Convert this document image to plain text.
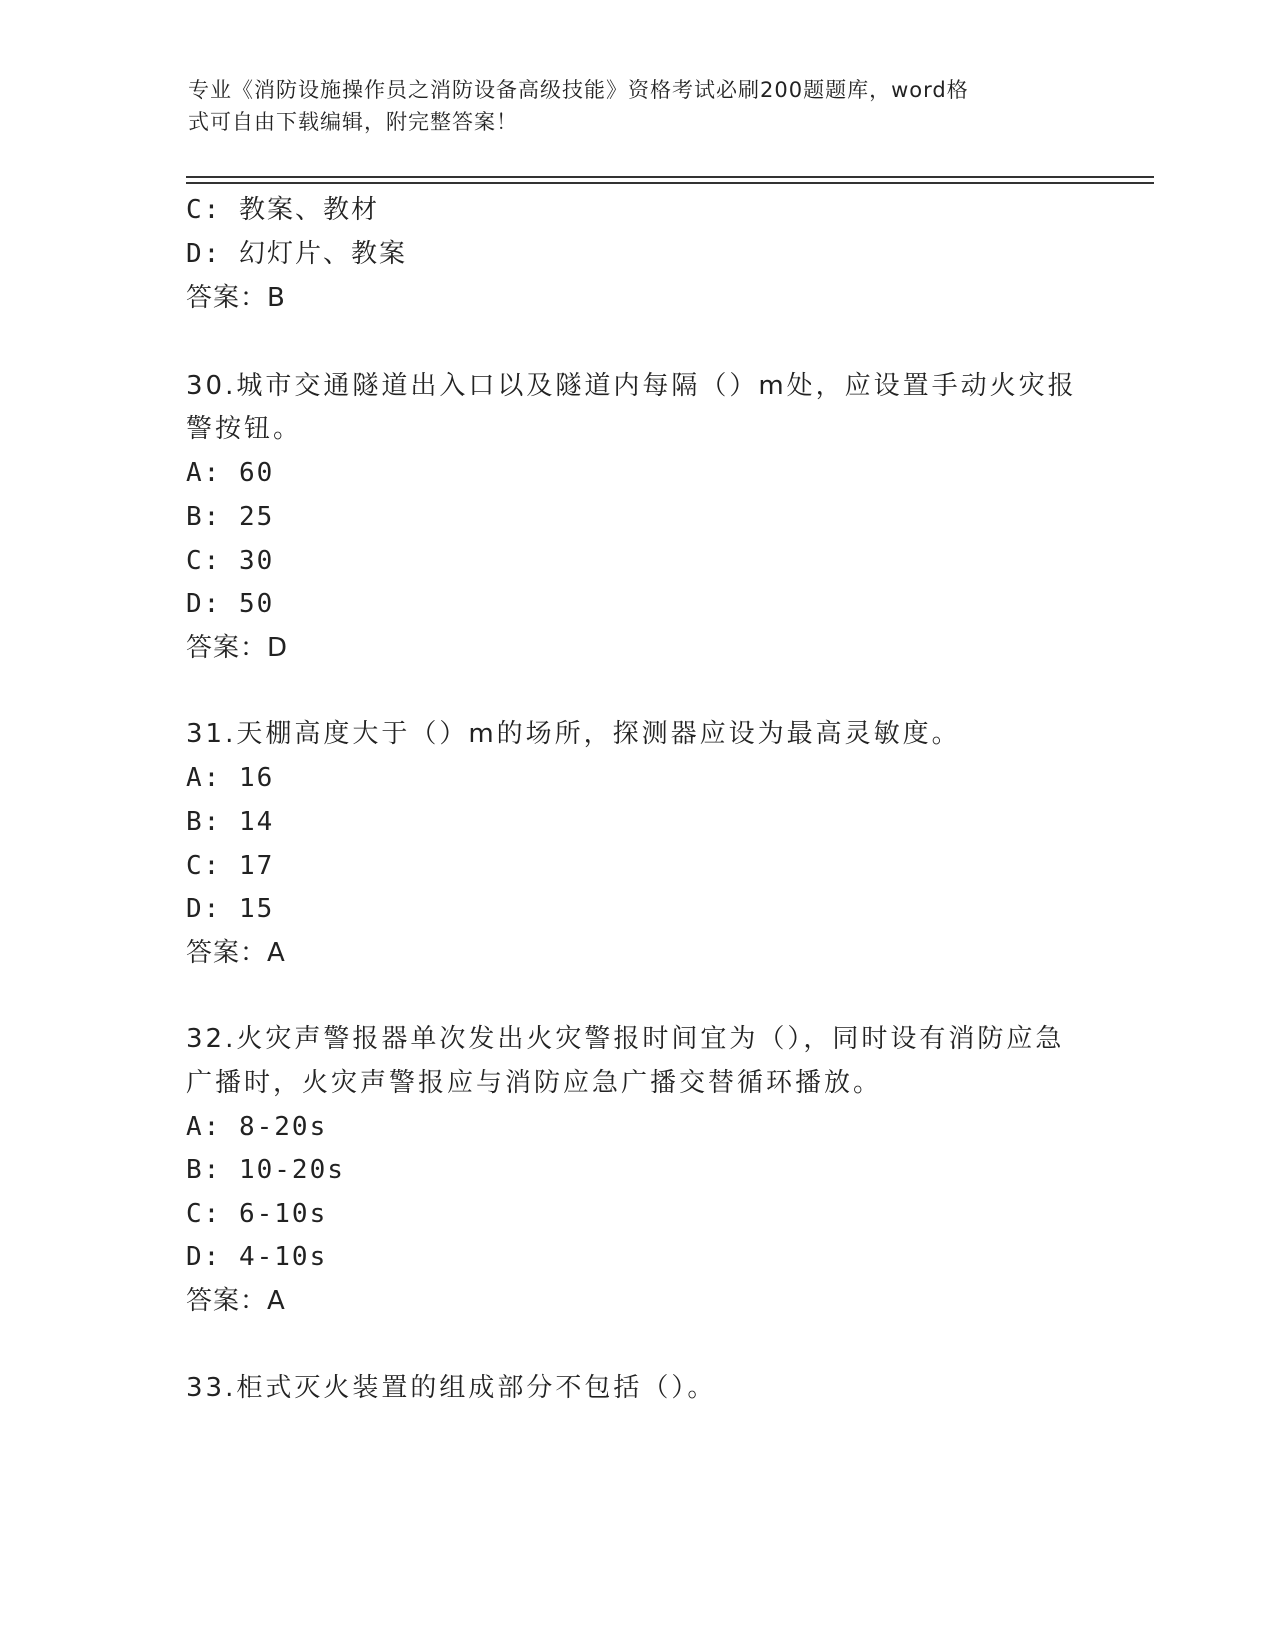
专业《消防设施操作员之消防设备高级技能》资格考试必刷200题题库，word格
式可自由下载编辑，附完整答案！
C: 教案、教材
D: 幻灯片、教案
答案：B
30.城市交通隧道出入口以及隧道内每隔（）m处，应设置手动火灾报
警按钮。
A: 60
B: 25
C: 30
D: 50
答案：D
31.天棚高度大于（）m的场所，探测器应设为最高灵敏度。
A: 16
B: 14
C: 17
D: 15
答案：A
32.火灾声警报器单次发出火灾警报时间宜为（），同时设有消防应急
广播时，火灾声警报应与消防应急广播交替循环播放。
A: 8-20s
B: 10-20s
C: 6-10s
D: 4-10s
答案：A
33.柜式灭火装置的组成部分不包括（）。
